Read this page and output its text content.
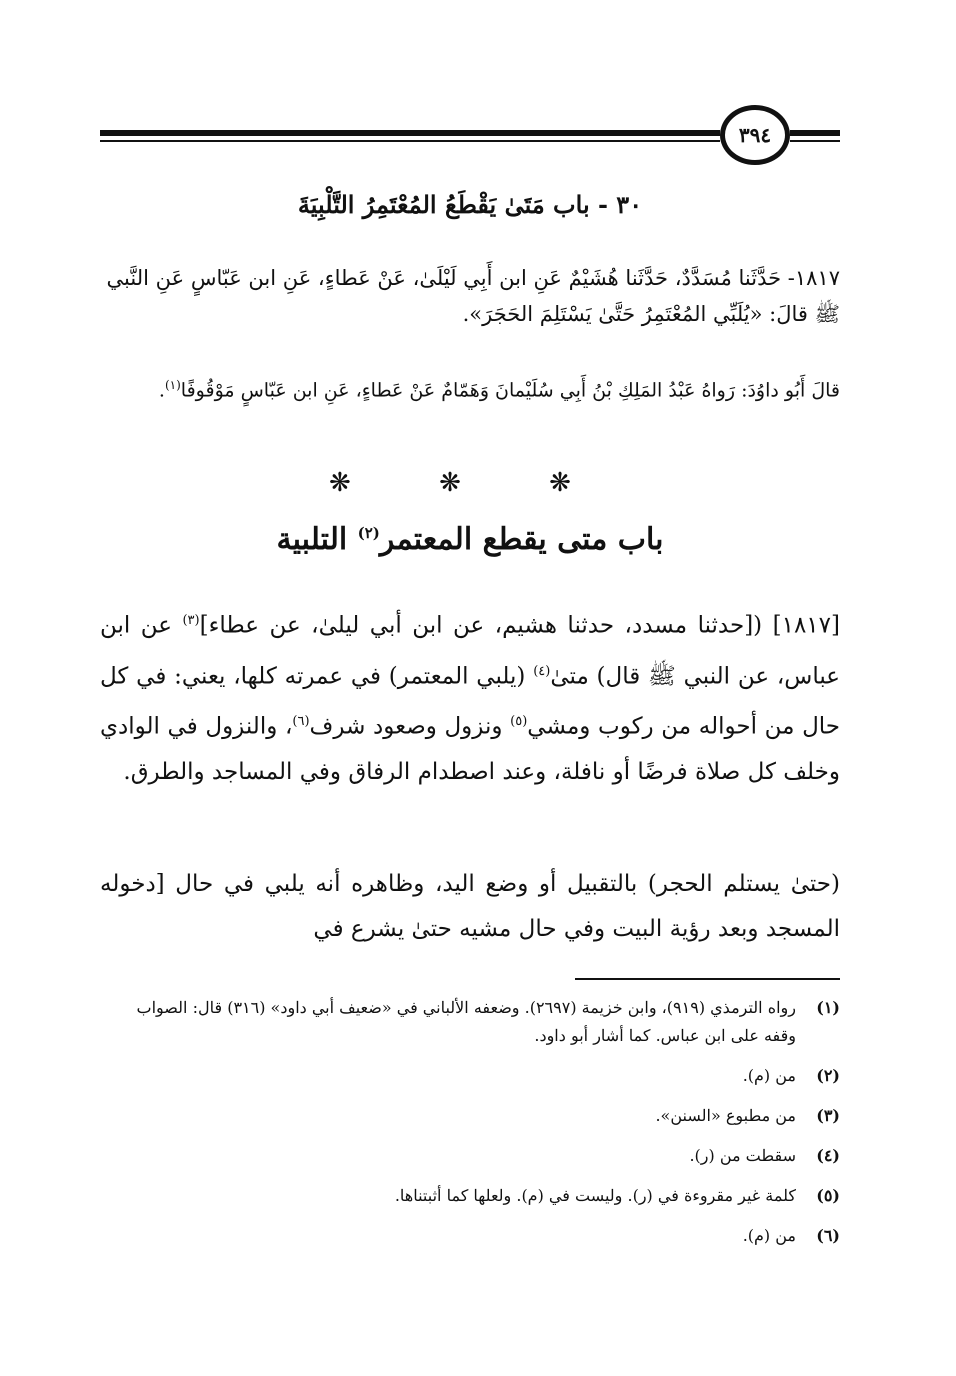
٣٩٤
٣٠ - باب مَتَىٰ يَقْطَعُ المُعْتَمِرُ التَّلْبِيَةَ
١٨١٧- حَدَّثَنا مُسَدَّدٌ، حَدَّثَنا هُشَيْمٌ عَنِ ابن أَبِي لَيْلَىٰ، عَنْ عَطاءٍ، عَنِ ابن عَبّاسٍ عَنِ النَّبي ﷺ قالَ: «يُلَبِّي المُعْتَمِرُ حَتَّىٰ يَسْتَلِمَ الحَجَرَ».
قالَ أَبُو داوُدَ: رَواهُ عَبْدُ المَلِكِ بْنُ أَبِي سُلَيْمانَ وَهَمّامٌ عَنْ عَطاءٍ، عَنِ ابن عَبّاسٍ مَوْقُوفًا$^{(١)}$.
❋ ❋ ❋
باب متى يقطع المعتمر$^{(٢)}$ التلبية
[١٨١٧] ([حدثنا مسدد، حدثنا هشيم، عن ابن أبي ليلىٰ، عن عطاء]$^{(٣)}$ عن ابن عباس، عن النبي ﷺ قال) متىٰ$^{(٤)}$ (يلبي المعتمر) في عمرته كلها، يعني: في كل حال من أحواله من ركوب ومشي$^{(٥)}$ ونزول وصعود شرف$^{(٦)}$، والنزول في الوادي وخلف كل صلاة فرضًا أو نافلة، وعند اصطدام الرفاق وفي المساجد والطرق.
(حتىٰ يستلم الحجر) بالتقبيل أو وضع اليد، وظاهره أنه يلبي في حال [دخوله المسجد وبعد رؤية البيت وفي حال مشيه حتىٰ يشرع في
(١)
رواه الترمذي (٩١٩)، وابن خزيمة (٢٦٩٧). وضعفه الألباني في «ضعيف أبي داود» (٣١٦) قال: الصواب وقفه على ابن عباس. كما أشار أبو داود.
(٢)
من (م).
(٣)
من مطبوع «السنن».
(٤)
سقطت من (ر).
(٥)
كلمة غير مقروءة في (ر). وليست في (م). ولعلها كما أثبتناها.
(٦)
من (م).
